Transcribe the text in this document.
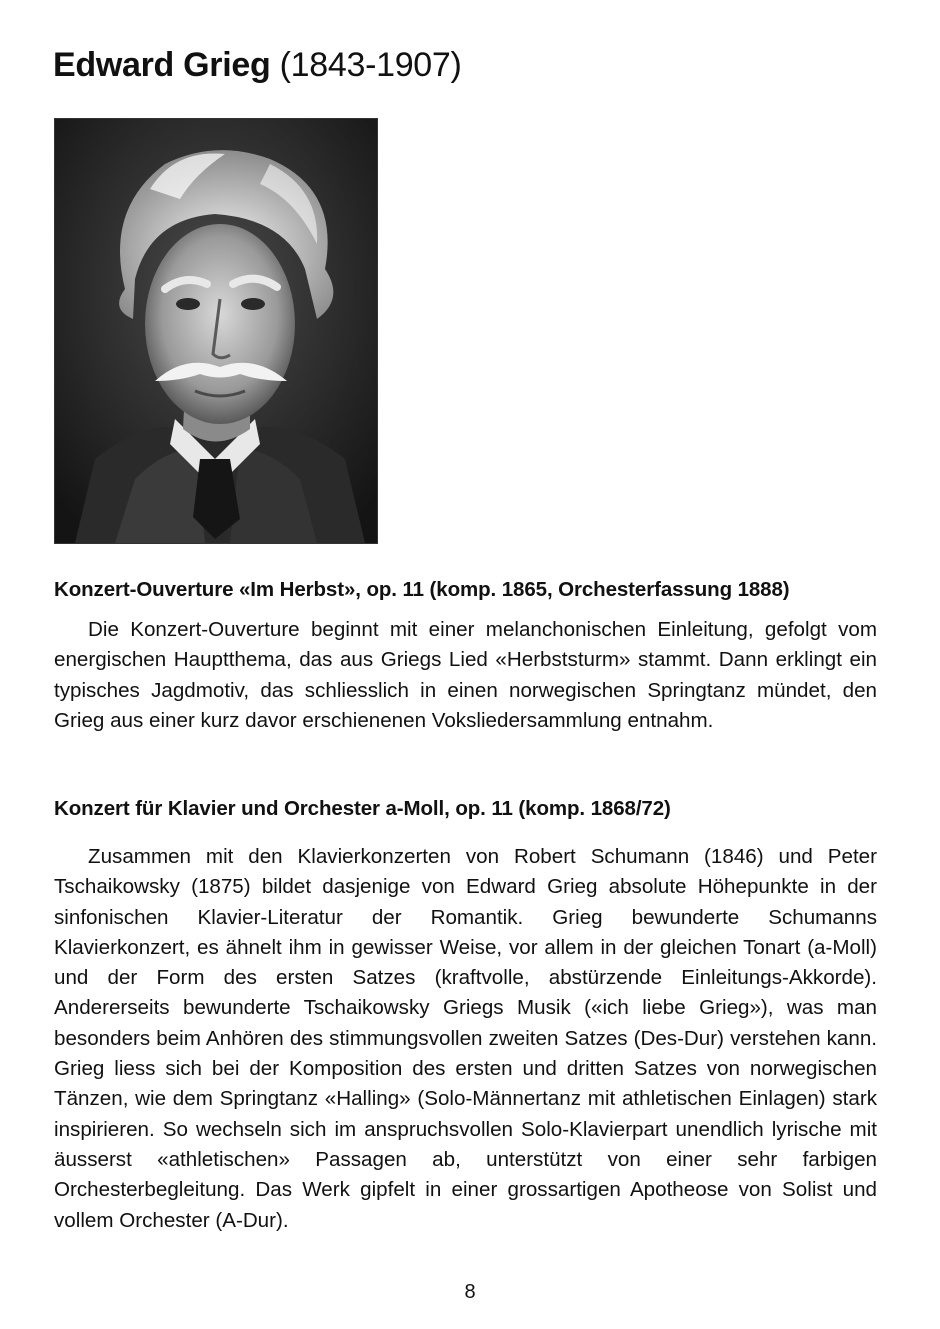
Edward Grieg (1843-1907)
Konzert-Ouverture «Im Herbst», op. 11 (komp. 1865, Orchesterfassung 1888)

Die Konzert-Ouverture beginnt mit einer melanchonischen Einleitung, gefolgt vom energischen Hauptthema, das aus Griegs Lied «Herbststurm» stammt. Dann erklingt ein typisches Jagdmotiv, das schliesslich in einen norwegischen Springtanz mündet, den Grieg aus einer kurz davor erschienenen Voksliedersammlung entnahm.

Konzert für Klavier und Orchester a-Moll, op. 11 (komp. 1868/72)

Zusammen mit den Klavierkonzerten von Robert Schumann (1846) und Peter Tschaikowsky (1875) bildet dasjenige von Edward Grieg absolute Höhepunkte in der sinfonischen Klavier-Literatur der Romantik. Grieg bewunderte Schumanns Klavierkonzert, es ähnelt ihm in gewisser Weise, vor allem in der gleichen Tonart (a-Moll) und der Form des ersten Satzes (kraftvolle, abstürzende Einleitungs-Akkorde). Andererseits bewunderte Tschaikowsky Griegs Musik («ich liebe Grieg»), was man besonders beim Anhören des stimmungsvollen zweiten Satzes (Des-Dur) verstehen kann. Grieg liess sich bei der Komposition des ersten und dritten Satzes von norwegischen Tänzen, wie dem Springtanz «Halling» (Solo-Männertanz mit athletischen Einlagen) stark inspirieren. So wechseln sich im anspruchsvollen Solo-Klavierpart unendlich lyrische mit äusserst «athletischen» Passagen ab, unterstützt von einer sehr farbigen Orchesterbegleitung. Das Werk gipfelt in einer grossartigen Apotheose von Solist und vollem Orchester (A-Dur).

8
